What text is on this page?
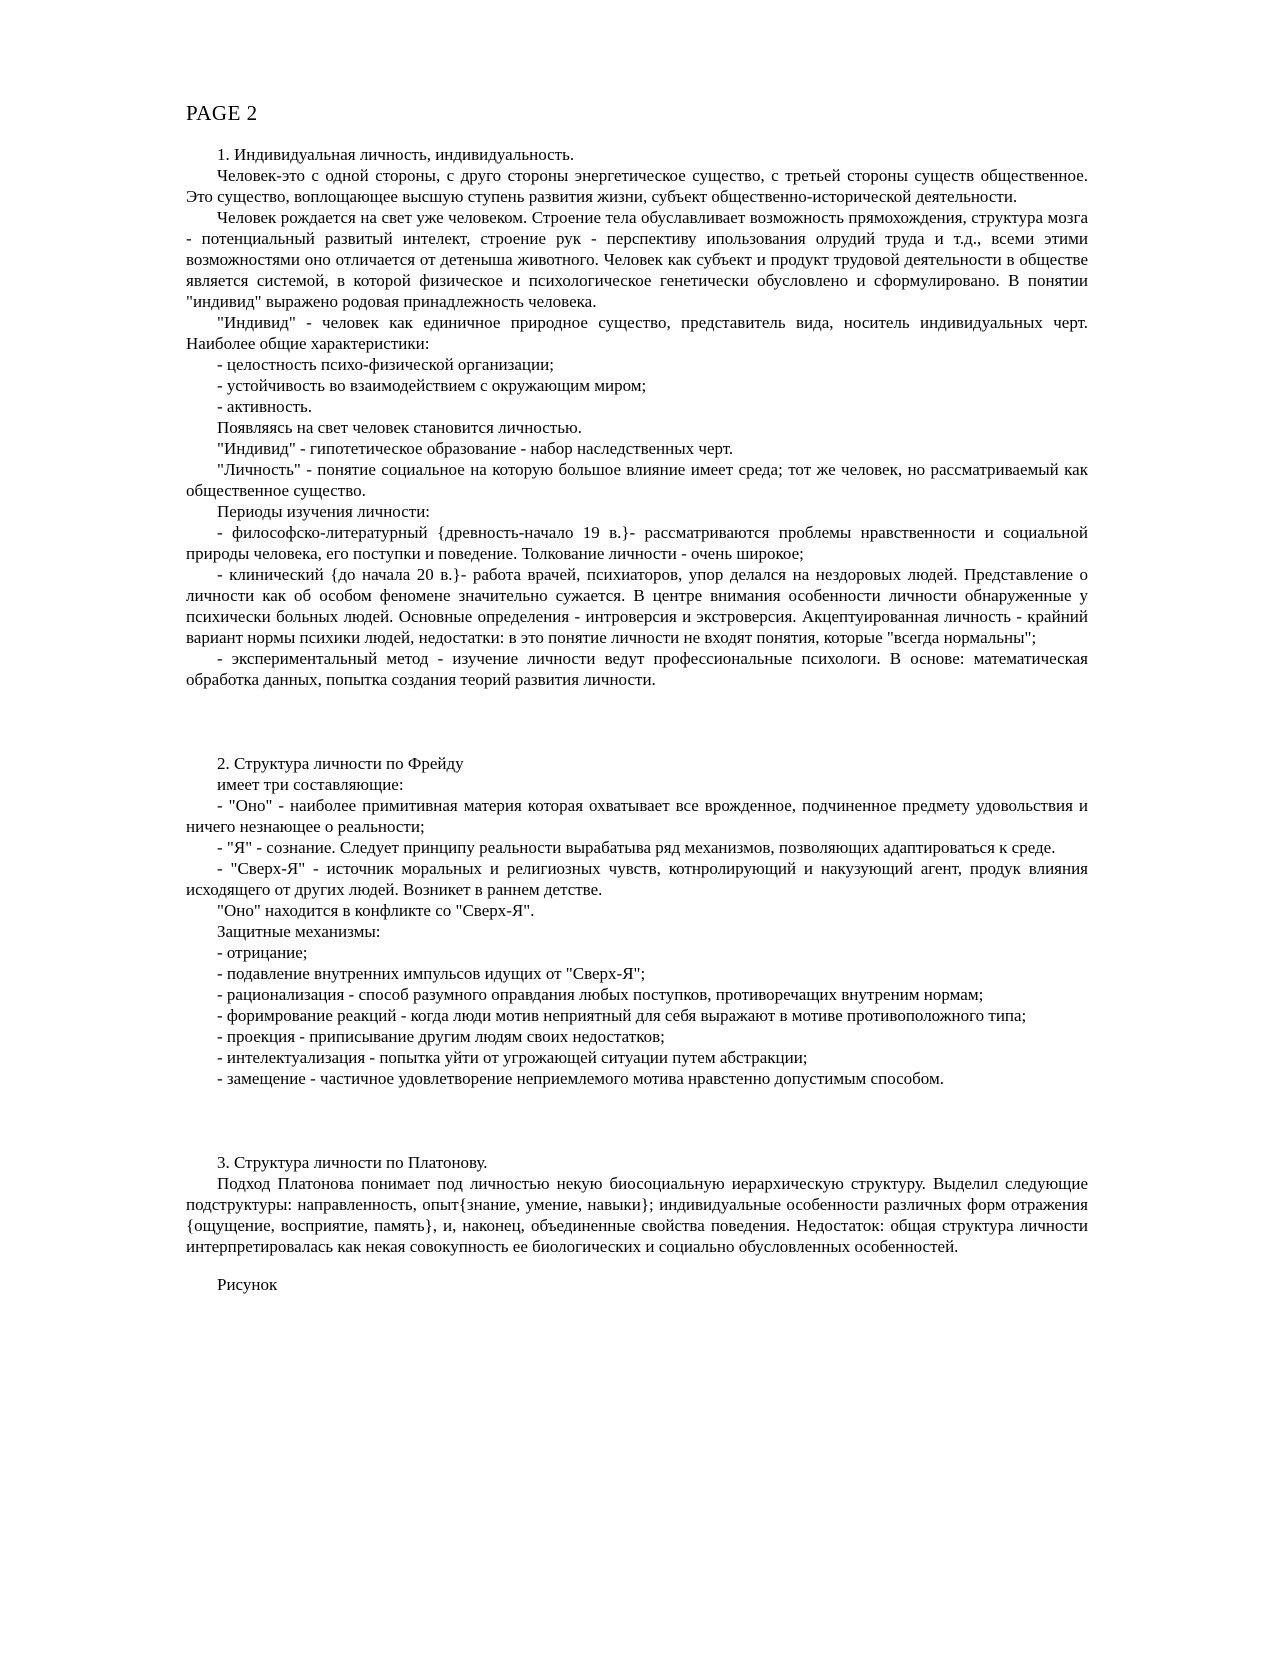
PAGE 2

1. Индивидуальная личность, индивидуальность.

Человек-это с одной стороны, с друго стороны энергетическое существо, с третьей стороны существ общественное. Это существо, воплощающее высшую ступень развития жизни, субъект общественно-исторической деятельности.

Человек рождается на свет уже человеком. Строение тела обуславливает возможность прямохождения, структура мозга - потенциальный развитый интелект, строение рук - перспективу ипользования олрудий труда и т.д., всеми этими возможностями оно отличается от детеныша животного. Человек как субъект и продукт трудовой деятельности в обществе является системой, в которой физическое и психологическое генетически обусловлено и сформулировано. В понятии "индивид" выражено родовая принадлежность человека.

"Индивид" - человек как единичное природное существо, представитель вида, носитель индивидуальных черт. Наиболее общие характеристики:

- целостность психо-физической организации;

- устойчивость во взаимодействием с окружающим миром;

- активность.

Появляясь на свет человек становится личностью.

"Индивид" - гипотетическое образование - набор наследственных черт.

"Личность" - понятие социальное на которую большое влияние имеет среда; тот же человек, но рассматриваемый как общественное существо.

Периоды изучения личности:

- философско-литературный {древность-начало 19 в.}- рассматриваются проблемы нравственности и социальной природы человека, его поступки и поведение. Толкование личности - очень широкое;

- клинический {до начала 20 в.}- работа врачей, психиаторов, упор делался на нездоровых людей. Представление о личности как об особом феномене значительно сужается. В центре внимания особенности личности обнаруженные у психически больных людей. Основные определения - интроверсия и экстроверсия. Акцептуированная личность - крайний вариант нормы психики людей, недостатки: в это понятие личности не входят понятия, которые "всегда нормальны";

- экспериментальный метод - изучение личности ведут профессиональные психологи. В основе: математическая обработка данных, попытка создания теорий развития личности.

2. Структура личности по Фрейду

имеет три составляющие:

- "Оно" - наиболее примитивная материя которая охватывает все врожденное, подчиненное предмету удовольствия и ничего незнающее о реальности;

- "Я" - сознание. Следует принципу реальности вырабатыва ряд механизмов, позволяющих адаптироваться к среде.

- "Сверх-Я" - источник моральных и религиозных чувств, котнролирующий и накузующий агент, продук влияния исходящего от других людей. Возникет в раннем детстве.

"Оно" находится в конфликте со "Сверх-Я".

Защитные механизмы:

- отрицание;

- подавление внутренних импульсов идущих от "Сверх-Я";

- рационализация - способ разумного оправдания любых поступков, противоречащих внутреним нормам;

- форимрование реакций - когда люди мотив неприятный для себя выражают в мотиве противоположного типа;

- проекция - приписывание другим людям своих недостатков;

- интелектуализация - попытка уйти от угрожающей ситуации путем абстракции;

- замещение - частичное удовлетворение неприемлемого мотива нравстенно допустимым способом.

3. Структура личности по Платонову.

Подход Платонова понимает под личностью некую биосоциальную иерархическую структуру. Выделил следующие подструктуры: направленность, опыт{знание, умение, навыки}; индивидуальные особенности различных форм отражения {ощущение, восприятие, память}, и, наконец, объединенные свойства поведения. Недостаток: общая структура личности интерпретировалась как некая совокупность ее биологических и социально обусловленных особенностей.

Рисунок
